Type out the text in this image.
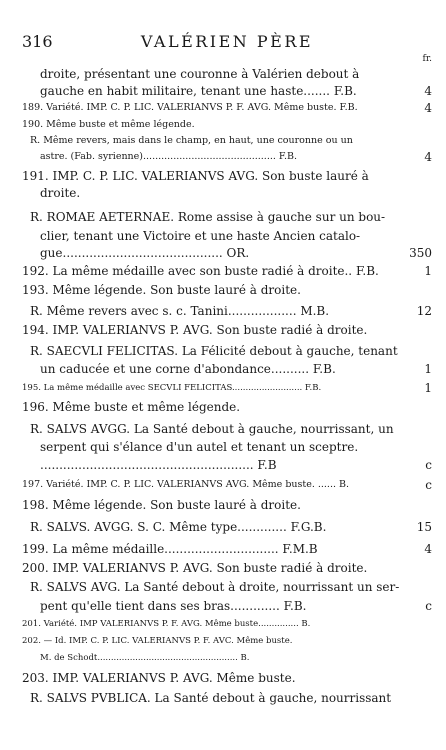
316	VALÉRIEN PÈRE
fr.
droite, présentant une couronne à Valérien debout à
gauche en habit militaire, tenant une haste....... F.B.	4
189. Variété. IMP. C. P. LIC. VALERIANVS P. F. AVG. Même buste. F.B.	4
190. Même buste et même légende.
R. Même revers, mais dans le champ, en haut, une couronne ou un
astre. (Fab. syrienne)............................................ F.B.	4
191. IMP. C. P. LIC. VALERIANVS AVG. Son buste lauré à
droite.
R. ROMAE AETERNAE. Rome assise à gauche sur un bou-
clier, tenant une Victoire et une haste Ancien catalo-
gue.......................................... OR.	350
192. La même médaille avec son buste radié à droite.. F.B.	1
193. Même légende. Son buste lauré à droite.
R. Même revers avec s. c. Tanini.................. M.B.	12
194. IMP. VALERIANVS P. AVG. Son buste radié à droite.
R. SAECVLI FELICITAS. La Félicité debout à gauche, tenant
un caducée et une corne d'abondance.......... F.B.	1
195. La même médaille avec SECVLI FELICITAS.......................... F.B.	1
196. Même buste et même légende.
R. SALVS AVGG. La Santé debout à gauche, nourrissant, un
serpent qui s'élance d'un autel et tenant un sceptre.
........................................................ F.B	c
197. Variété. IMP. C. P. LIC. VALERIANVS AVG. Même buste. ...... B.	c
198. Même légende. Son buste lauré à droite.
R. SALVS. AVGG. S. C. Même type............. F.G.B.	15
199. La même médaille.............................. F.M.B	4
200. IMP. VALERIANVS P. AVG. Son buste radié à droite.
R. SALVS AVG. La Santé debout à droite, nourrissant un ser-
pent qu'elle tient dans ses bras............. F.B.	c
201. Variété. IMP VALERIANVS P. F. AVG. Même buste............... B.
202. — Id. IMP. C. P. LIC. VALERIANVS P. F. AVC. Même buste.
M. de Schodt.................................................... B.
203. IMP. VALERIANVS P. AVG. Même buste.
R. SALVS PVBLICA. La Santé debout à gauche, nourrissant
